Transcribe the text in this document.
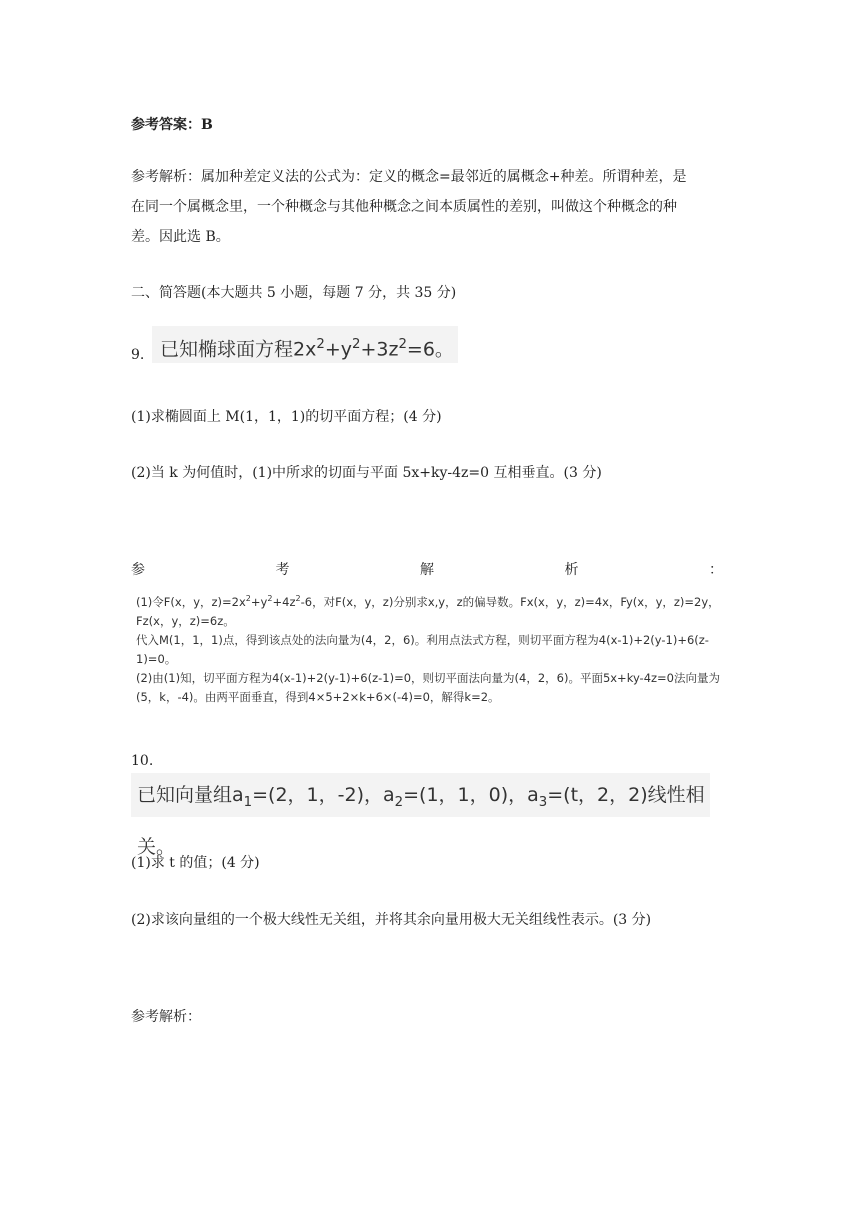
参考答案：B
参考解析：属加种差定义法的公式为：定义的概念=最邻近的属概念+种差。所谓种差，是
在同一个属概念里，一个种概念与其他种概念之间本质属性的差别，叫做这个种概念的种
差。因此选 B。
二、简答题(本大题共 5 小题，每题 7 分，共 35 分)
9. 已知椭球面方程$2x^2+y^2+3z^2=6$。
(1)求椭圆面上 M(1，1，1)的切平面方程；(4 分)
(2)当 k 为何值时，(1)中所求的切面与平面 5x+ky-4z=0 互相垂直。(3 分)
参	考	解	析	：
(1)令F(x，y，$z)=2x^2+y^2+4z^2-6$，对F(x，y，z)分别求x,y，z的偏导数。Fx(x，y，z)=4x，Fy(x，y，z)=2y，
Fz(x，y，z)=6z。
代入M(1，1，1)点，得到该点处的法向量为(4，2，6)。利用点法式方程，则切平面方程为4(x-1)+2(y-1)+6(z-
1)=0。
(2)由(1)知，切平面方程为4(x-1)+2(y-1)+6(z-1)=0，则切平面法向量为(4，2，6)。平面5x+ky-4z=0法向量为
(5，k，-4)。由两平面垂直，得到4×5+2×k+6×(-4)=0，解得k=2。
10.
已知向量组$a_1=(2$，1，-2)，$a_2=(1$，1，0)，$a_3=(t$，2，2)线性相关。
(1)求 t 的值；(4 分)
(2)求该向量组的一个极大线性无关组，并将其余向量用极大无关组线性表示。(3 分)
参考解析：
